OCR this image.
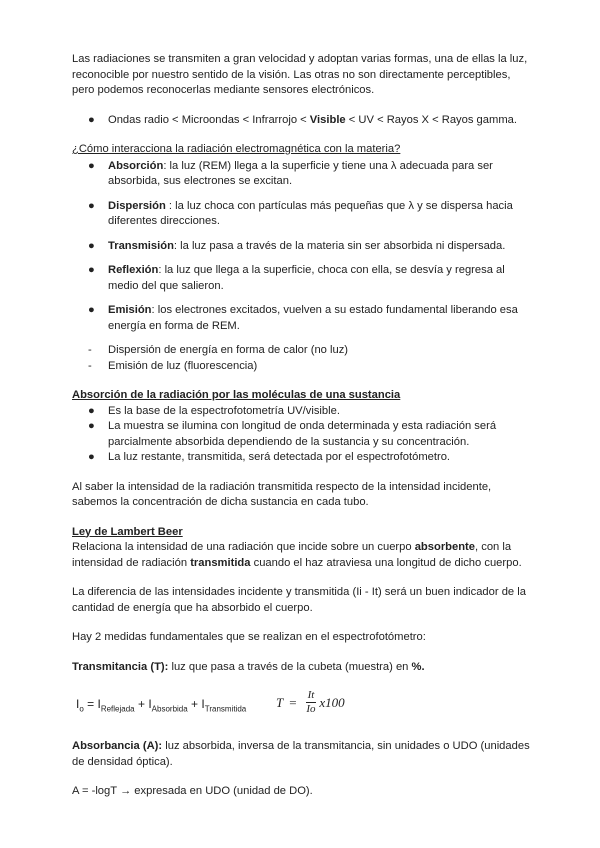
Las radiaciones se transmiten a gran velocidad y adoptan varias formas, una de ellas la luz, reconocible por nuestro sentido de la visión. Las otras no son directamente perceptibles, pero podemos reconocerlas mediante sensores electrónicos.

● Ondas radio < Microondas < Infrarrojo < Visible < UV < Rayos X < Rayos gamma.

¿Cómo interacciona la radiación electromagnética con la materia?

● Absorción: la luz (REM) llega a la superficie y tiene una λ adecuada para ser absorbida, sus electrones se excitan.
● Dispersión : la luz choca con partículas más pequeñas que λ y se dispersa hacia diferentes direcciones.
● Transmisión: la luz pasa a través de la materia sin ser absorbida ni dispersada.
● Reflexión: la luz que llega a la superficie, choca con ella, se desvía y regresa al medio del que salieron.
● Emisión: los electrones excitados, vuelven a su estado fundamental liberando esa energía en forma de REM.
- Dispersión de energía en forma de calor (no luz)
- Emisión de luz (fluorescencia)

Absorción de la radiación por las moléculas de una sustancia

● Es la base de la espectrofotometría UV/visible.
● La muestra se ilumina con longitud de onda determinada y esta radiación será parcialmente absorbida dependiendo de la sustancia y su concentración.
● La luz restante, transmitida, será detectada por el espectrofotómetro.

Al saber la intensidad de la radiación transmitida respecto de la intensidad incidente, sabemos la concentración de dicha sustancia en cada tubo.

Ley de Lambert Beer

Relaciona la intensidad de una radiación que incide sobre un cuerpo absorbente, con la intensidad de radiación transmitida cuando el haz atraviesa una longitud de dicho cuerpo.

La diferencia de las intensidades incidente y transmitida (Ii - It) será un buen indicador de la cantidad de energía que ha absorbido el cuerpo.

Hay 2 medidas fundamentales que se realizan en el espectrofotómetro:

Transmitancia (T): luz que pasa a través de la cubeta (muestra) en %.

$I_o = I_{Reflejada} + I_{Absorbida} + I_{Transmitida}$ $T = \frac{It}{Io} x100$

Absorbancia (A): luz absorbida, inversa de la transmitancia, sin unidades o UDO (unidades de densidad óptica).

A = -logT → expresada en UDO (unidad de DO).
